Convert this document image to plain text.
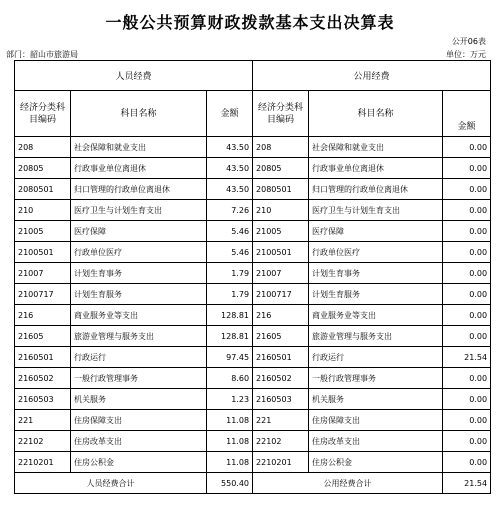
一般公共预算财政拨款基本支出决算表
公开06表
部门：韶山市旅游局	单位：万元
人员经费			公用经费		
经济分类科目编码	科目名称	金额	经济分类科目编码	科目名称	金额
208	社会保障和就业支出	43.50	208	社会保障和就业支出	0.00
20805	行政事业单位离退休	43.50	20805	行政事业单位离退休	0.00
2080501	归口管理的行政单位离退休	43.50	2080501	归口管理的行政单位离退休	0.00
210	医疗卫生与计划生育支出	7.26	210	医疗卫生与计划生育支出	0.00
21005	医疗保障	5.46	21005	医疗保障	0.00
2100501	行政单位医疗	5.46	2100501	行政单位医疗	0.00
21007	计划生育事务	1.79	21007	计划生育事务	0.00
2100717	计划生育服务	1.79	2100717	计划生育服务	0.00
216	商业服务业等支出	128.81	216	商业服务业等支出	0.00
21605	旅游业管理与服务支出	128.81	21605	旅游业管理与服务支出	0.00
2160501	行政运行	97.45	2160501	行政运行	21.54
2160502	一般行政管理事务	8.60	2160502	一般行政管理事务	0.00
2160503	机关服务	1.23	2160503	机关服务	0.00
221	住房保障支出	11.08	221	住房保障支出	0.00
22102	住房改革支出	11.08	22102	住房改革支出	0.00
2210201	住房公积金	11.08	2210201	住房公积金	0.00
人员经费合计		550.40	公用经费合计		21.54
